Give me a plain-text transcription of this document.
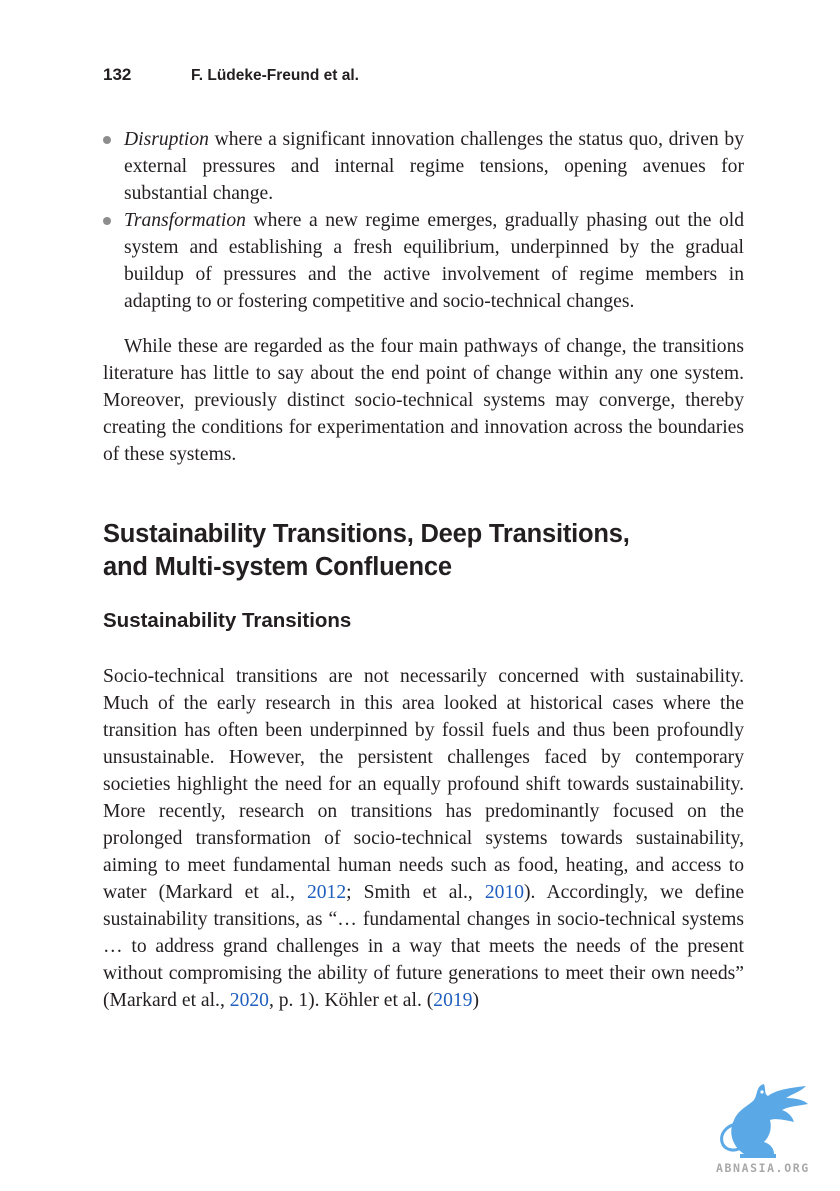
132	F. Lüdeke-Freund et al.
Disruption where a significant innovation challenges the status quo, driven by external pressures and internal regime tensions, opening avenues for substantial change.
Transformation where a new regime emerges, gradually phasing out the old system and establishing a fresh equilibrium, underpinned by the gradual buildup of pressures and the active involvement of regime members in adapting to or fostering competitive and socio-technical changes.

While these are regarded as the four main pathways of change, the transitions literature has little to say about the end point of change within any one system. Moreover, previously distinct socio-technical systems may converge, thereby creating the conditions for experimentation and innovation across the boundaries of these systems.

Sustainability Transitions, Deep Transitions,
and Multi-system Confluence
Sustainability Transitions

Socio-technical transitions are not necessarily concerned with sustainability. Much of the early research in this area looked at historical cases where the transition has often been underpinned by fossil fuels and thus been profoundly unsustainable. However, the persistent challenges faced by contemporary societies highlight the need for an equally profound shift towards sustainability. More recently, research on transitions has predominantly focused on the prolonged transformation of socio-technical systems towards sustainability, aiming to meet fundamental human needs such as food, heating, and access to water (Markard et al., 2012; Smith et al., 2010). Accordingly, we define sustainability transitions, as “… fundamental changes in socio-technical systems … to address grand challenges in a way that meets the needs of the present without compromising the ability of future generations to meet their own needs” (Markard et al., 2020, p. 1). Köhler et al. (2019)

ABNASIA.ORG
